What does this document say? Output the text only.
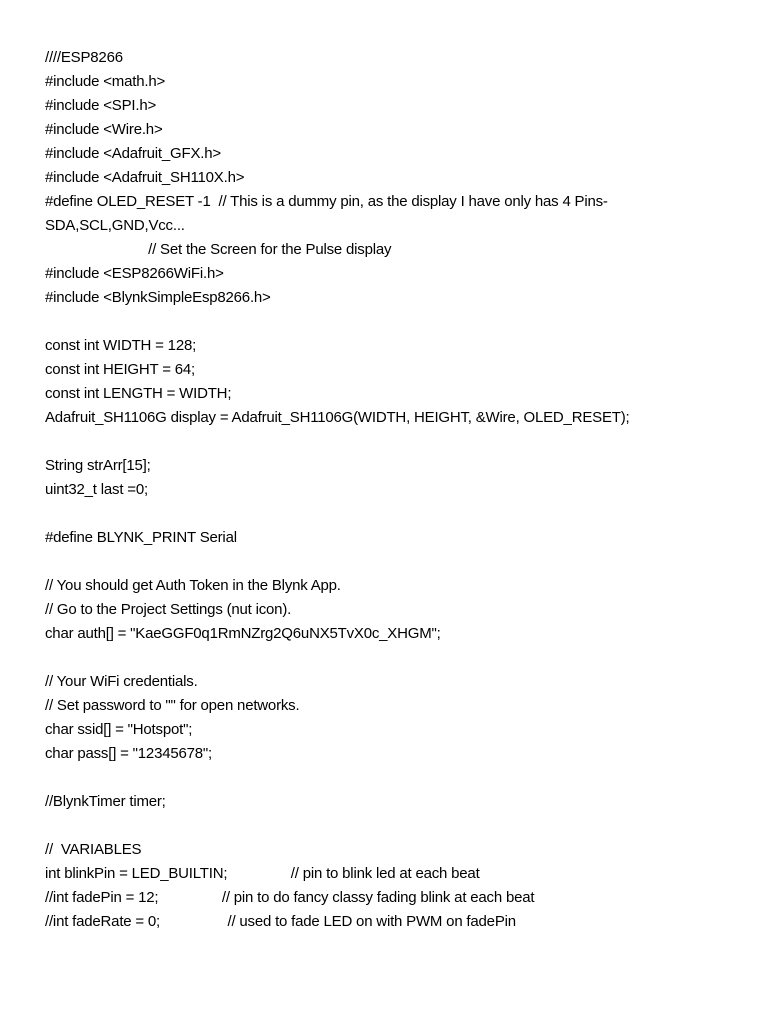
////ESP8266
#include <math.h>
#include <SPI.h>
#include <Wire.h>
#include <Adafruit_GFX.h>
#include <Adafruit_SH110X.h>
#define OLED_RESET -1  // This is a dummy pin, as the display I have only has 4 Pins-
SDA,SCL,GND,Vcc...
// Set the Screen for the Pulse display
#include <ESP8266WiFi.h>
#include <BlynkSimpleEsp8266.h>
const int WIDTH = 128;
const int HEIGHT = 64;
const int LENGTH = WIDTH;
Adafruit_SH1106G display = Adafruit_SH1106G(WIDTH, HEIGHT, &Wire, OLED_RESET);
String strArr[15];
uint32_t last =0;
#define BLYNK_PRINT Serial
// You should get Auth Token in the Blynk App.
// Go to the Project Settings (nut icon).
char auth[] = "KaeGGF0q1RmNZrg2Q6uNX5TvX0c_XHGM";
// Your WiFi credentials.
// Set password to "" for open networks.
char ssid[] = "Hotspot";
char pass[] = "12345678";
//BlynkTimer timer;
//  VARIABLES
int blinkPin = LED_BUILTIN;                // pin to blink led at each beat
//int fadePin = 12;                // pin to do fancy classy fading blink at each beat
//int fadeRate = 0;                 // used to fade LED on with PWM on fadePin
